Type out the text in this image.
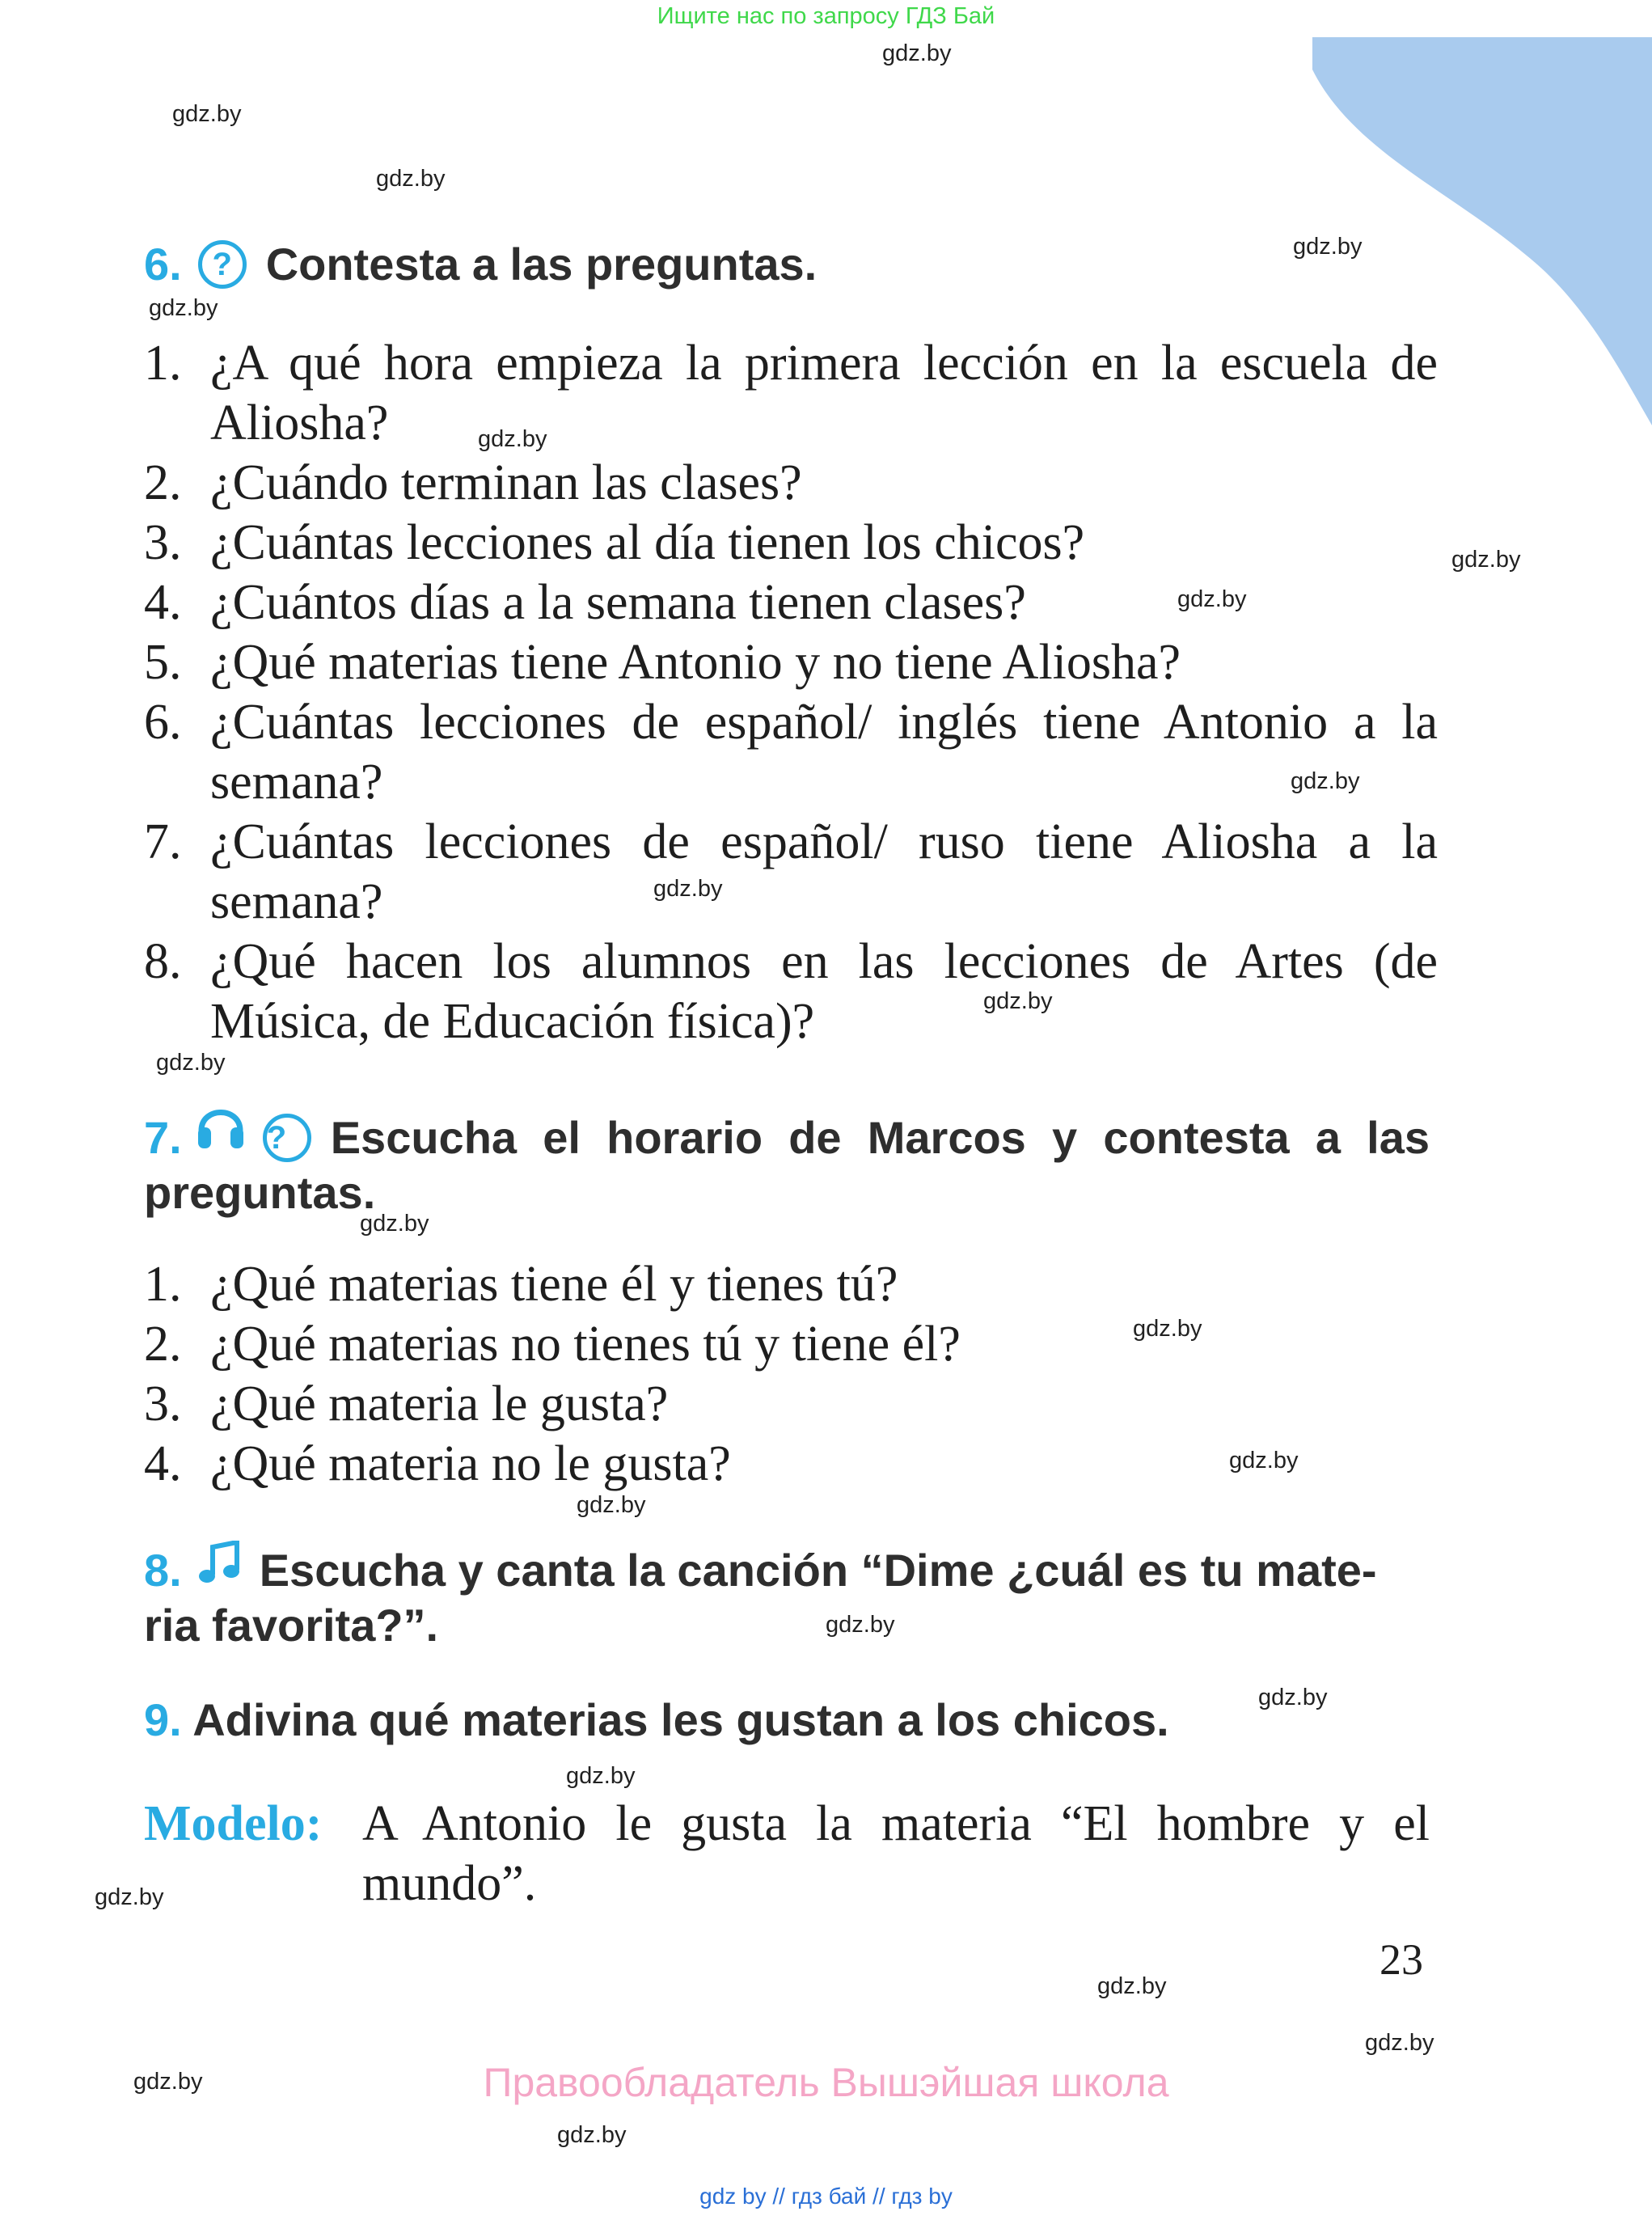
Ищите нас по запросу ГДЗ Бай
gdz.by
gdz.by
gdz.by
gdz.by
gdz.by
gdz.by
gdz.by
gdz.by
gdz.by
gdz.by
gdz.by
gdz.by
gdz.by
gdz.by
gdz.by
gdz.by
gdz.by
gdz.by
gdz.by
gdz.by
gdz.by
gdz.by
gdz.by
gdz.by
6. ? Contesta a las preguntas.
1. ¿A qué hora empieza la primera lección en la escuela de Aliosha?
2. ¿Cuándo terminan las clases?
3. ¿Cuántas lecciones al día tienen los chicos?
4. ¿Cuántos días a la semana tienen clases?
5. ¿Qué materias tiene Antonio y no tiene Aliosha?
6. ¿Cuántas lecciones de español/ inglés tiene Antonio a la semana?
7. ¿Cuántas lecciones de español/ ruso tiene Aliosha a la semana?
8. ¿Qué hacen los alumnos en las lecciones de Artes (de Música, de Educación física)?
7.	? Escucha el horario de Marcos y contesta a las preguntas.
1. ¿Qué materias tiene él y tienes tú?
2. ¿Qué materias no tienes tú y tiene él?
3. ¿Qué materia le gusta?
4. ¿Qué materia no le gusta?
8. Escucha y canta la canción “Dime ¿cuál es tu mate-
ria favorita?”.
9. Adivina qué materias les gustan a los chicos.
Modelo: A Antonio le gusta la materia “El hombre y el mundo”.
23
Правообладатель Вышэйшая школа
gdz by // гдз бай // гдз by
